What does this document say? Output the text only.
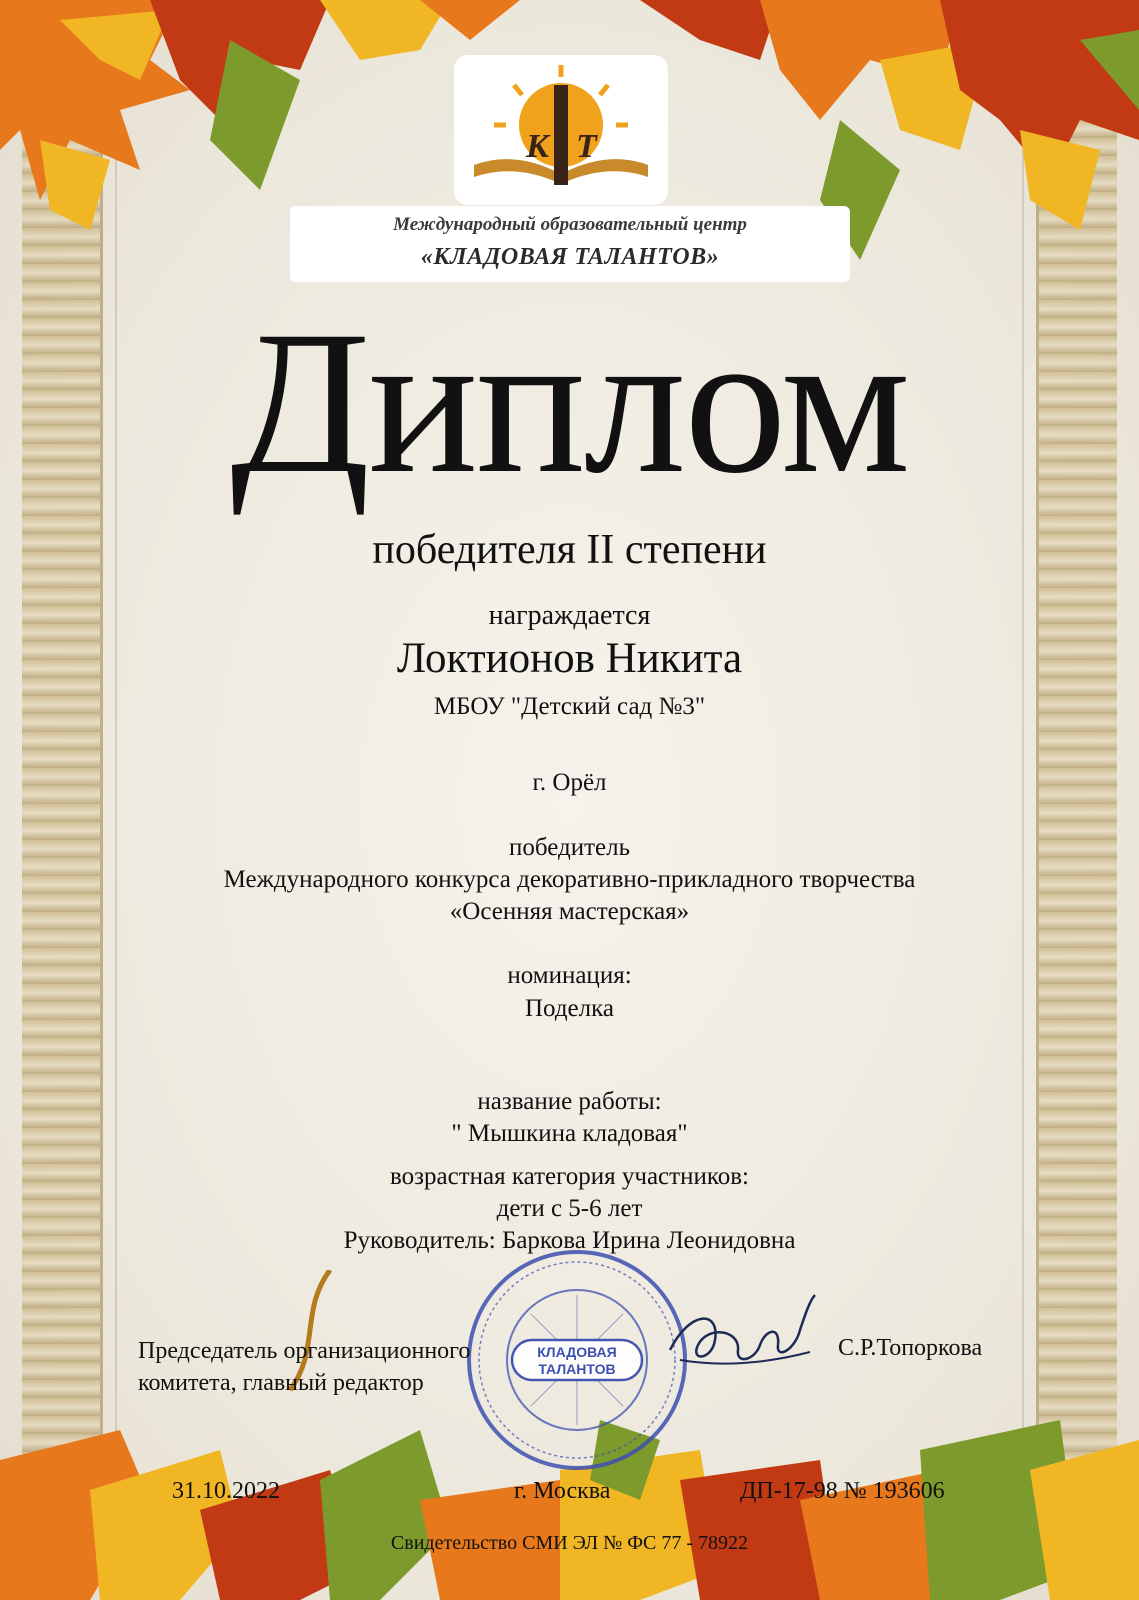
К Т
Международный образовательный центр
«КЛАДОВАЯ ТАЛАНТОВ»
Диплом
победителя II степени
награждается
Локтионов Никита
МБОУ "Детский сад №3"
г. Орёл
победитель
Международного конкурса декоративно-прикладного творчества
«Осенняя мастерская»
номинация:
Поделка
название работы:
" Мышкина кладовая"
возрастная категория участников:
дети с 5-6 лет
Руководитель: Баркова Ирина Леонидовна
КЛАДОВАЯ
ТАЛАНТОВ
Председатель организационного
комитета, главный редактор
С.Р.Топоркова
31.10.2022	г. Москва	ДП-17-98 № 193606
Свидетельство СМИ ЭЛ № ФС 77 - 78922
